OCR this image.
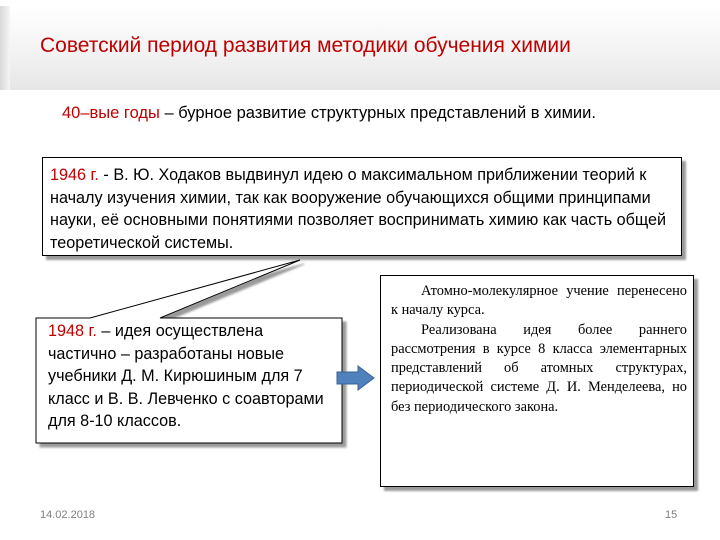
Советский период развития методики обучения химии
40–вые годы – бурное развитие структурных представлений в химии.
1946 г. - В. Ю. Ходаков выдвинул идею о максимальном приближении теорий к началу изучения химии, так как вооружение обучающихся общими принципами науки, её основными понятиями позволяет воспринимать химию как часть общей теоретической системы.
1948 г. – идея осуществлена частично – разработаны новые учебники Д. М. Кирюшиным для 7 класс и В. В. Левченко с соавторами для 8-10 классов.

Атомно-молекулярное учение перенесено к началу курса.

Реализована идея более раннего рассмотрения в курсе 8 класса элементарных представлений об атомных структурах, периодической системе Д. И. Менделеева, но без периодического закона.

14.02.2018	15
